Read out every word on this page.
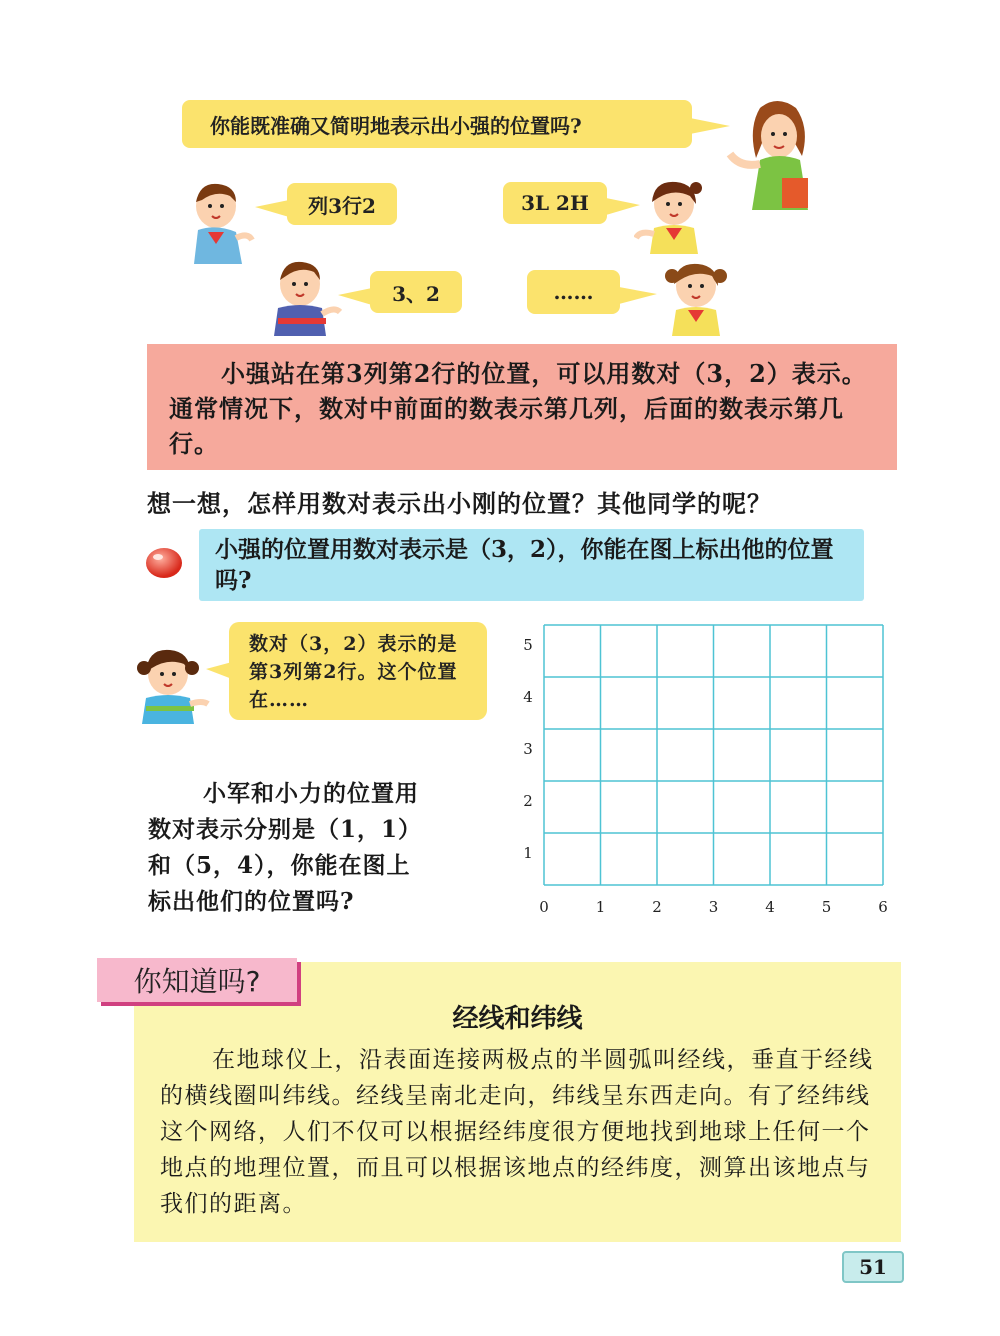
你能既准确又简明地表示出小强的位置吗?
列3行2	3L 2H
3、2	……
小强站在第3列第2行的位置，可以用数对（3，2）表示。通常情况下，数对中前面的数表示第几列，后面的数表示第几行。
想一想，怎样用数对表示出小刚的位置？其他同学的呢？
小强的位置用数对表示是（3，2），你能在图上标出他的位置吗?
数对（3，2）表示的是第3列第2行。这个位置在……
小军和小力的位置用
数对表示分别是（1，1）
和（5，4），你能在图上
标出他们的位置吗?	0	1	2	3	4	5	6
1
2
3
4
5
你知道吗?
经线和纬线
在地球仪上，沿表面连接两极点的半圆弧叫经线，垂直于经线的横线圈叫纬线。经线呈南北走向，纬线呈东西走向。有了经纬线这个网络，人们不仅可以根据经纬度很方便地找到地球上任何一个地点的地理位置，而且可以根据该地点的经纬度，测算出该地点与我们的距离。
51
